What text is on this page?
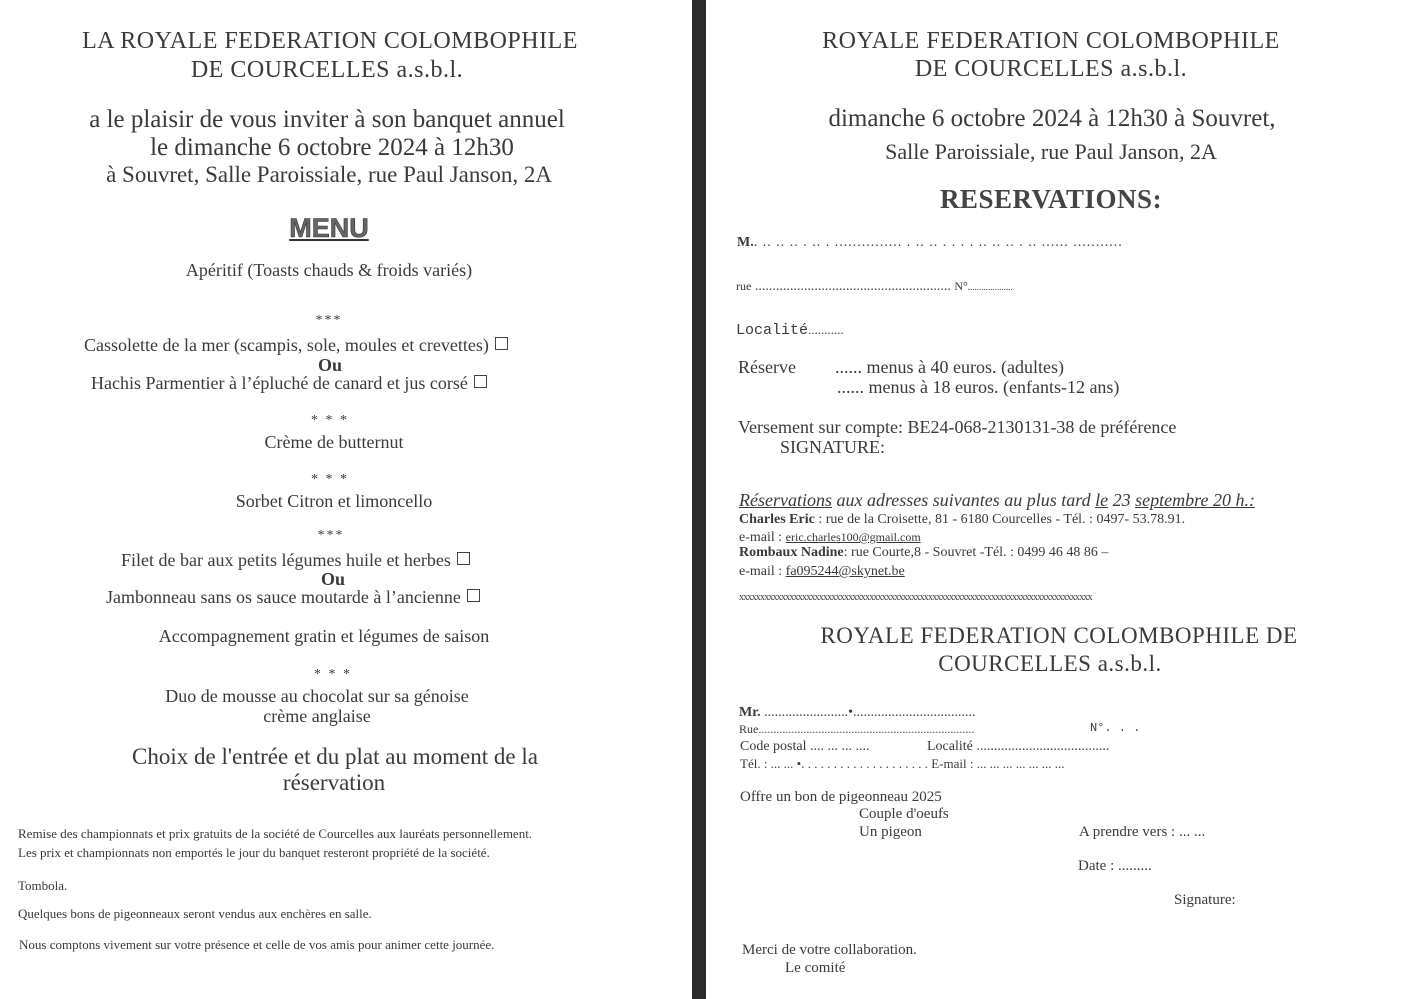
LA ROYALE FEDERATION COLOMBOPHILE
DE COURCELLES a.s.b.l.
a le plaisir de vous inviter à son banquet annuel
le dimanche 6 octobre 2024 à 12h30
à Souvret, Salle Paroissiale, rue Paul Janson, 2A
MENU
Apéritif (Toasts chauds & froids variés)
***
Cassolette de la mer (scampis, sole, moules et crevettes)
Ou
Hachis Parmentier à l’épluché de canard et jus corsé
* * *
Crème de butternut
* * *
Sorbet Citron et limoncello
***
Filet de bar aux petits légumes huile et herbes
Ou
Jambonneau sans os sauce moutarde à l’ancienne
Accompagnement gratin et légumes de saison
* * *
Duo de mousse au chocolat sur sa génoise
crème anglaise
Choix de l'entrée et du plat au moment de la
réservation
Remise des championnats et prix gratuits de la société de Courcelles aux lauréats personnellement.
Les prix et championnats non emportés le jour du banquet resteront propriété de la société.
Tombola.
Quelques bons de pigeonneaux seront vendus aux enchères en salle.
Nous comptons vivement sur votre présence et celle de vos amis pour animer cette journée.
ROYALE FEDERATION COLOMBOPHILE
DE COURCELLES a.s.b.l.
dimanche 6 octobre 2024 à 12h30 à Souvret,
Salle Paroissiale, rue Paul Janson, 2A
RESERVATIONS:
M.. .. .. .. . .. . ............... . .. .. . . . . .. .. .. . .. ...... ...........
rue ........................................................ N°....................
Localité...........
Réserve ...... menus à 40 euros. (adultes)
...... menus à 18 euros. (enfants-12 ans)
Versement sur compte: BE24-068-2130131-38 de préférence
SIGNATURE:
Réservations aux adresses suivantes au plus tard le 23 septembre 20 h.:
Charles Eric : rue de la Croisette, 81 - 6180 Courcelles - Tél. : 0497- 53.78.91.
e-mail : eric.charles100@gmail.com
Rombaux Nadine: rue Courte,8 - Souvret -Tél. : 0499 46 48 86 –
e-mail : fa095244@skynet.be
xxxxxxxxxxxxxxxxxxxxxxxxxxxxxxxxxxxxxxxxxxxxxxxxxxxxxxxxxxxxxxxxxxxxxxxxxxxxxxxxxxxx
ROYALE FEDERATION COLOMBOPHILE DE
COURCELLES a.s.b.l.
Mr. ........................•...................................
Rue........................................................................	N°. . .
Code postal .... ... ... ....	Localité ......................................
Tél. : ... ... •. . . . . . . . . . . . . . . . . . . . E-mail : ... ... ... ... ... ... ...
Offre un bon de pigeonneau 2025
Couple d'oeufs
Un pigeon	A prendre vers : ... ...
Date : .........
Signature:
Merci de votre collaboration.
Le comité
